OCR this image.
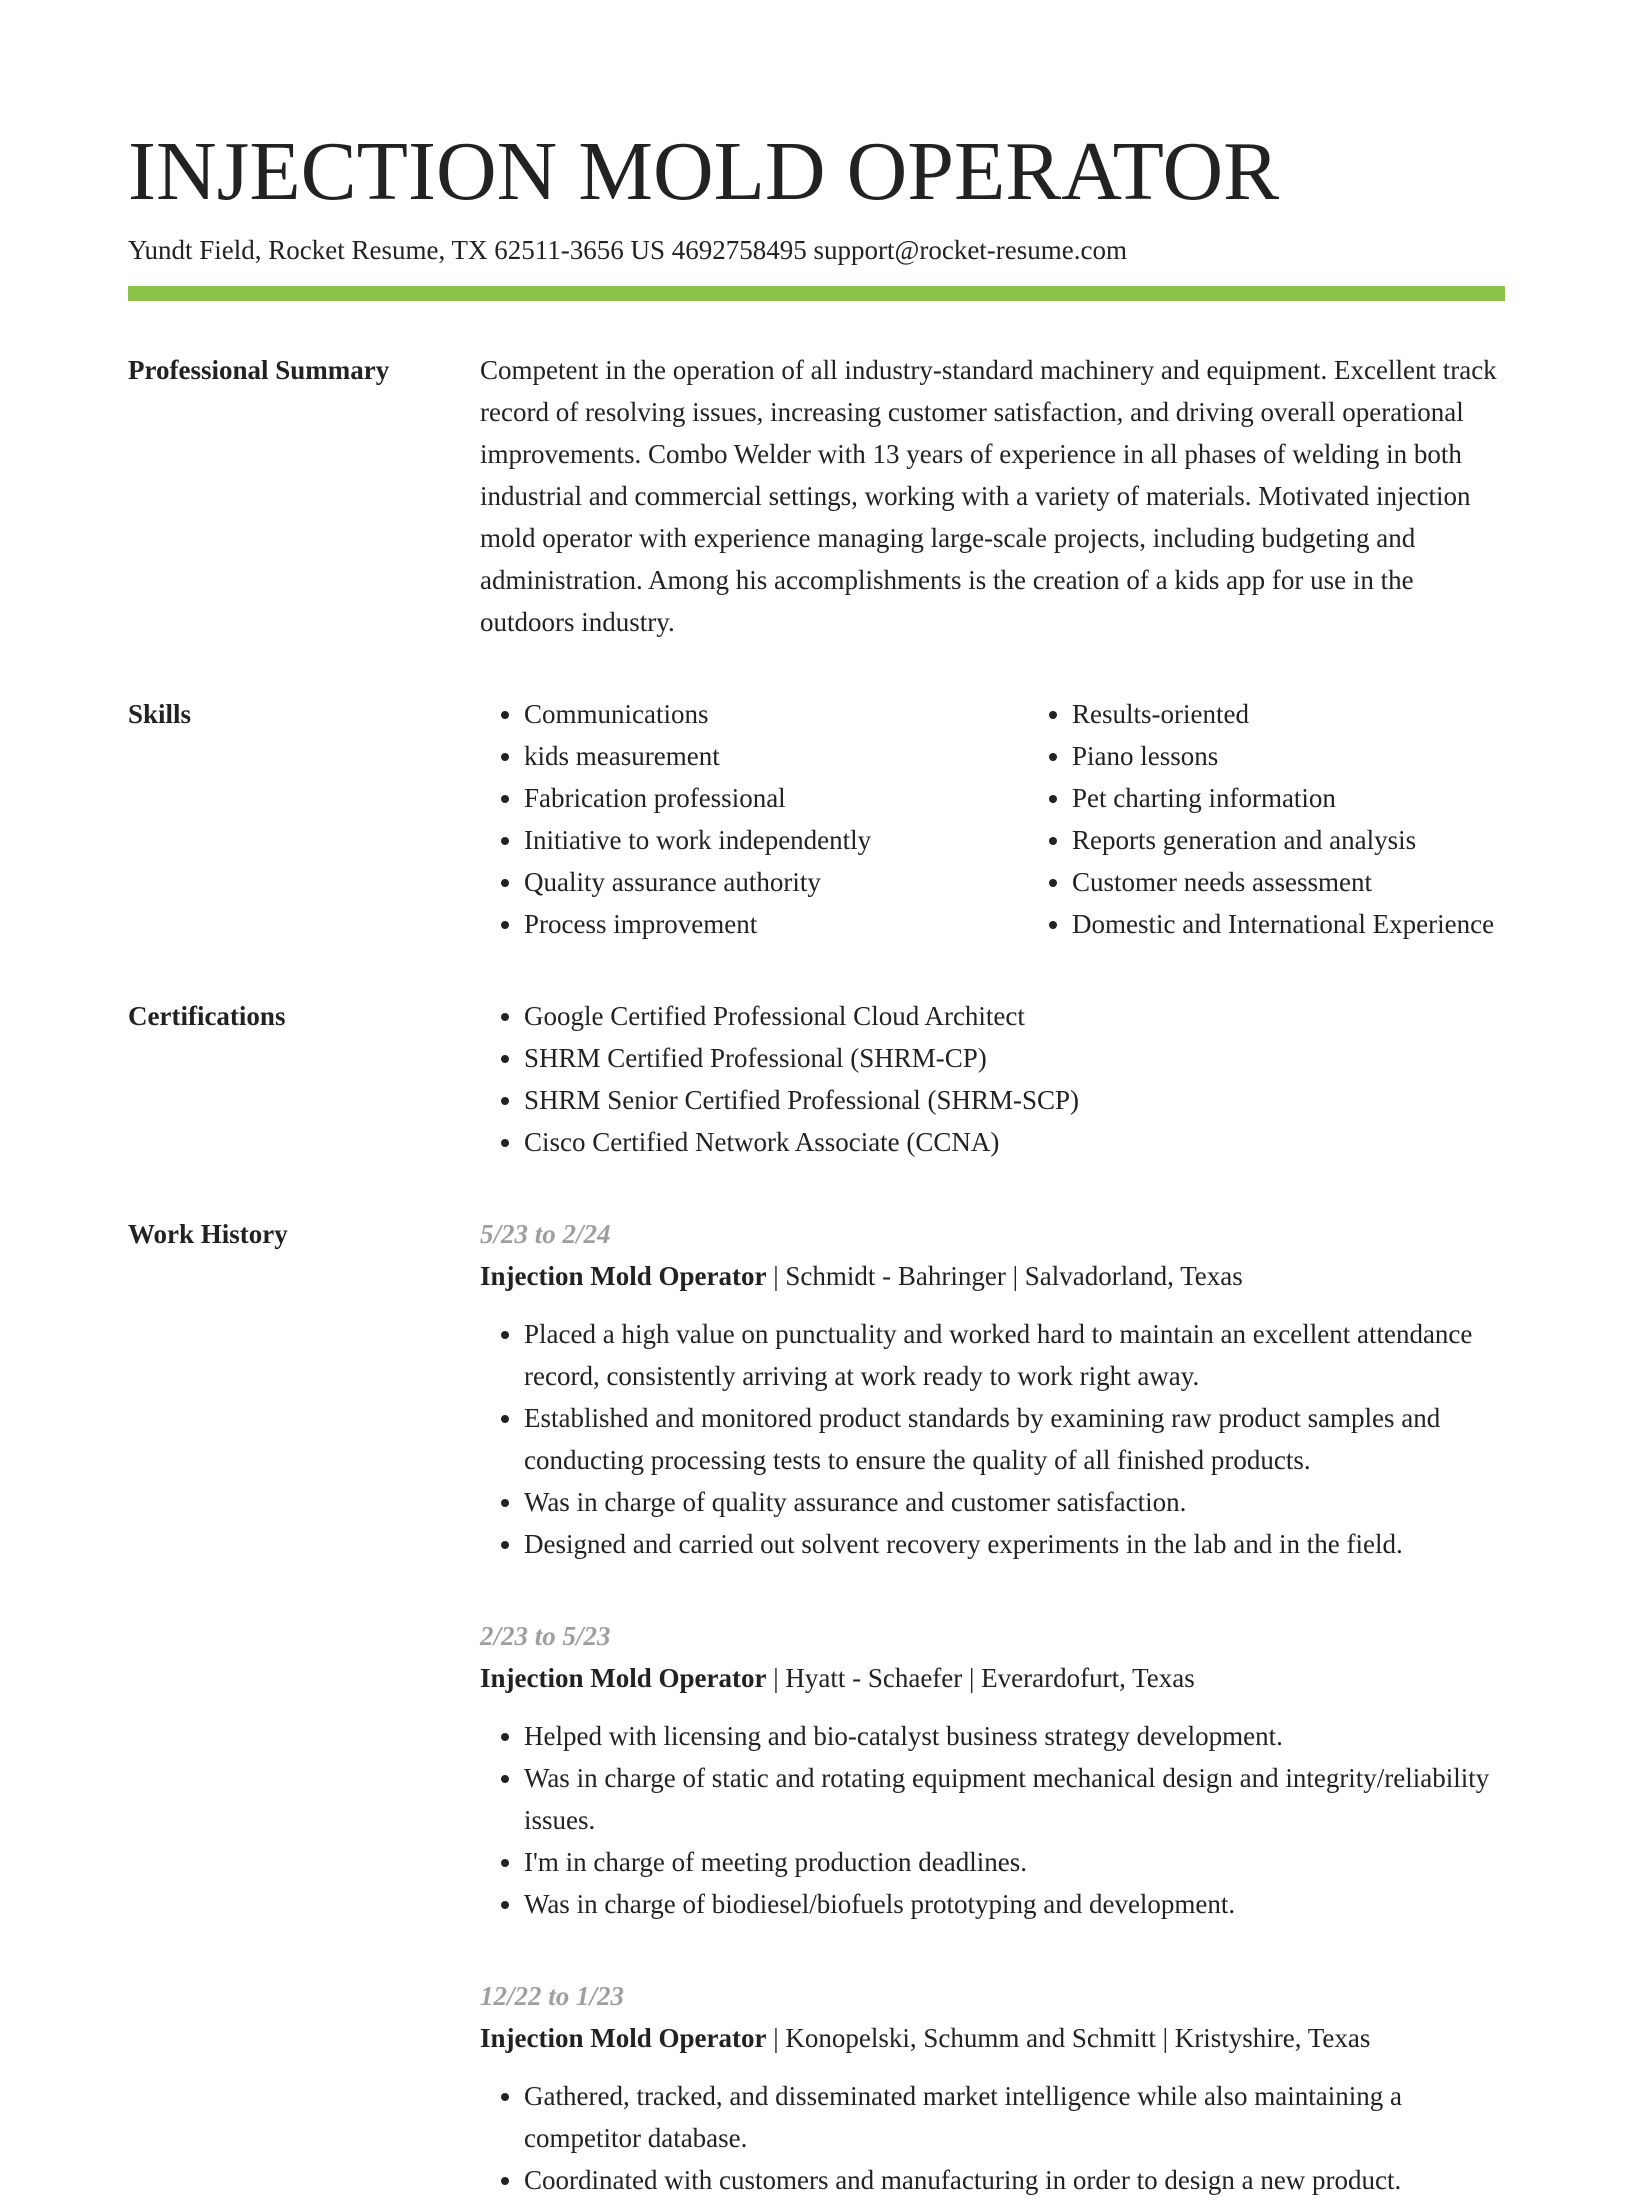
INJECTION MOLD OPERATOR
Yundt Field, Rocket Resume, TX 62511-3656 US 4692758495 support@rocket-resume.com
Professional Summary	Competent in the operation of all industry-standard machinery and equipment. Excellent track record of resolving issues, increasing customer satisfaction, and driving overall operational improvements. Combo Welder with 13 years of experience in all phases of welding in both industrial and commercial settings, working with a variety of materials. Motivated injection mold operator with experience managing large-scale projects, including budgeting and administration. Among his accomplishments is the creation of a kids app for use in the outdoors industry.

Skills	• Communications
• kids measurement
• Fabrication professional
• Initiative to work independently
• Quality assurance authority
• Process improvement
• Results-oriented
• Piano lessons
• Pet charting information
• Reports generation and analysis
• Customer needs assessment
• Domestic and International Experience
Certifications	• Google Certified Professional Cloud Architect
• SHRM Certified Professional (SHRM-CP)
• SHRM Senior Certified Professional (SHRM-SCP)
• Cisco Certified Network Associate (CCNA)
Work History	5/23 to 2/24
Injection Mold Operator | Schmidt - Bahringer | Salvadorland, Texas
• Placed a high value on punctuality and worked hard to maintain an excellent attendance record, consistently arriving at work ready to work right away.
• Established and monitored product standards by examining raw product samples and conducting processing tests to ensure the quality of all finished products.
• Was in charge of quality assurance and customer satisfaction.
• Designed and carried out solvent recovery experiments in the lab and in the field.
2/23 to 5/23
Injection Mold Operator | Hyatt - Schaefer | Everardofurt, Texas
• Helped with licensing and bio-catalyst business strategy development.
• Was in charge of static and rotating equipment mechanical design and integrity/reliability issues.
• I'm in charge of meeting production deadlines.
• Was in charge of biodiesel/biofuels prototyping and development.
12/22 to 1/23
Injection Mold Operator | Konopelski, Schumm and Schmitt | Kristyshire, Texas
• Gathered, tracked, and disseminated market intelligence while also maintaining a competitor database.
• Coordinated with customers and manufacturing in order to design a new product.
